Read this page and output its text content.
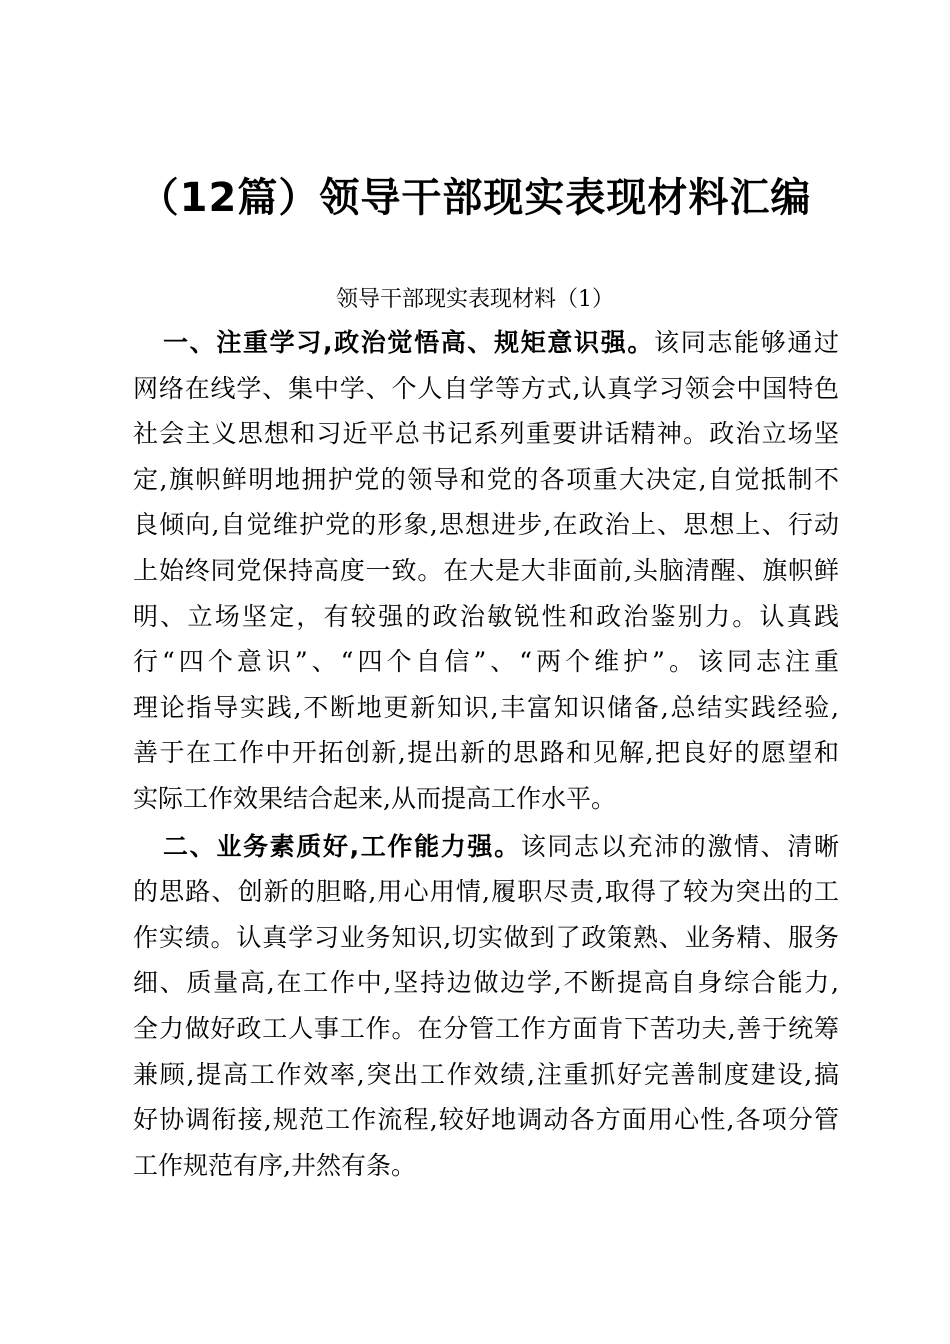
（12篇）领导干部现实表现材料汇编
领导干部现实表现材料（1）
一、注重学习,政治觉悟高、规矩意识强。该同志能够通过
网络在线学、集中学、个人自学等方式,认真学习领会中国特色
社会主义思想和习近平总书记系列重要讲话精神。政治立场坚
定,旗帜鲜明地拥护党的领导和党的各项重大决定,自觉抵制不
良倾向,自觉维护党的形象,思想进步,在政治上、思想上、行动
上始终同党保持高度一致。在大是大非面前,头脑清醒、旗帜鲜
明、立场坚定，有较强的政治敏锐性和政治鉴别力。认真践
行“四个意识”、“四个自信”、“两个维护”。该同志注重
理论指导实践,不断地更新知识,丰富知识储备,总结实践经验,
善于在工作中开拓创新,提出新的思路和见解,把良好的愿望和
实际工作效果结合起来,从而提高工作水平。
二、业务素质好,工作能力强。该同志以充沛的激情、清晰
的思路、创新的胆略,用心用情,履职尽责,取得了较为突出的工
作实绩。认真学习业务知识,切实做到了政策熟、业务精、服务
细、质量高,在工作中,坚持边做边学,不断提高自身综合能力,
全力做好政工人事工作。在分管工作方面肯下苦功夫,善于统筹
兼顾,提高工作效率,突出工作效绩,注重抓好完善制度建设,搞
好协调衔接,规范工作流程,较好地调动各方面用心性,各项分管
工作规范有序,井然有条。
